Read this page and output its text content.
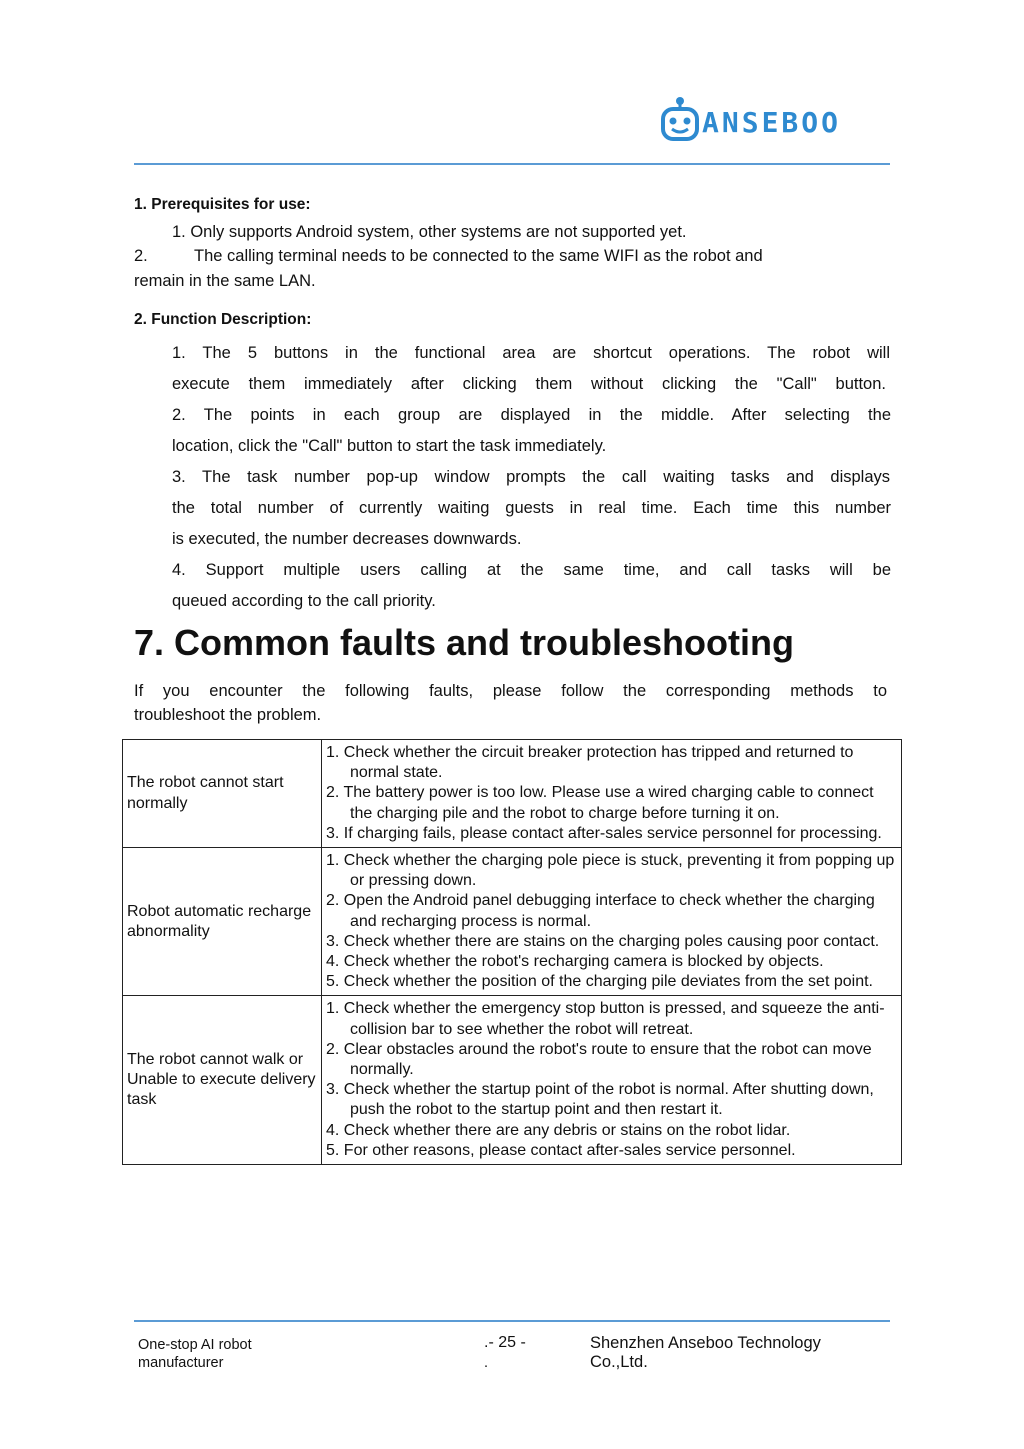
ANSEBOO
1. Prerequisites for use:
1. Only supports Android system, other systems are not supported yet.
2.	The calling terminal needs to be connected to the same WIFI as the robot and
remain in the same LAN.
2. Function Description:
1. The 5 buttons in the functional area are shortcut operations. The robot will
execute them immediately after clicking them without clicking the "Call" button.
2. The points in each group are displayed in the middle. After selecting the
location, click the "Call" button to start the task immediately.
3. The task number pop-up window prompts the call waiting tasks and displays
the total number of currently waiting guests in real time. Each time this number
is executed, the number decreases downwards.
4. Support multiple users calling at the same time, and call tasks will be
queued according to the call priority.
7. Common faults and troubleshooting
If you encounter the following faults, please follow the corresponding methods to
troubleshoot the problem.
The robot cannot start normally	1. Check whether the circuit breaker protection has tripped and returned to normal state.
2. The battery power is too low. Please use a wired charging cable to connect the charging pile and the robot to charge before turning it on.
3. If charging fails, please contact after-sales service personnel for processing.

Robot automatic recharge abnormality	1. Check whether the charging pole piece is stuck, preventing it from popping up or pressing down.
2. Open the Android panel debugging interface to check whether the charging and recharging process is normal.
3. Check whether there are stains on the charging poles causing poor contact.
4. Check whether the robot's recharging camera is blocked by objects.
5. Check whether the position of the charging pile deviates from the set point.

The robot cannot walk or
Unable to execute delivery task	1. Check whether the emergency stop button is pressed, and squeeze the anti-collision bar to see whether the robot will retreat.
2. Clear obstacles around the robot's route to ensure that the robot can move normally.
3. Check whether the startup point of the robot is normal. After shutting down, push the robot to the startup point and then restart it.
4. Check whether there are any debris or stains on the robot lidar.
5. For other reasons, please contact after-sales service personnel.
One-stop AI robot
manufacturer
.- 25 -
.
Shenzhen Anseboo Technology
Co.,Ltd.
